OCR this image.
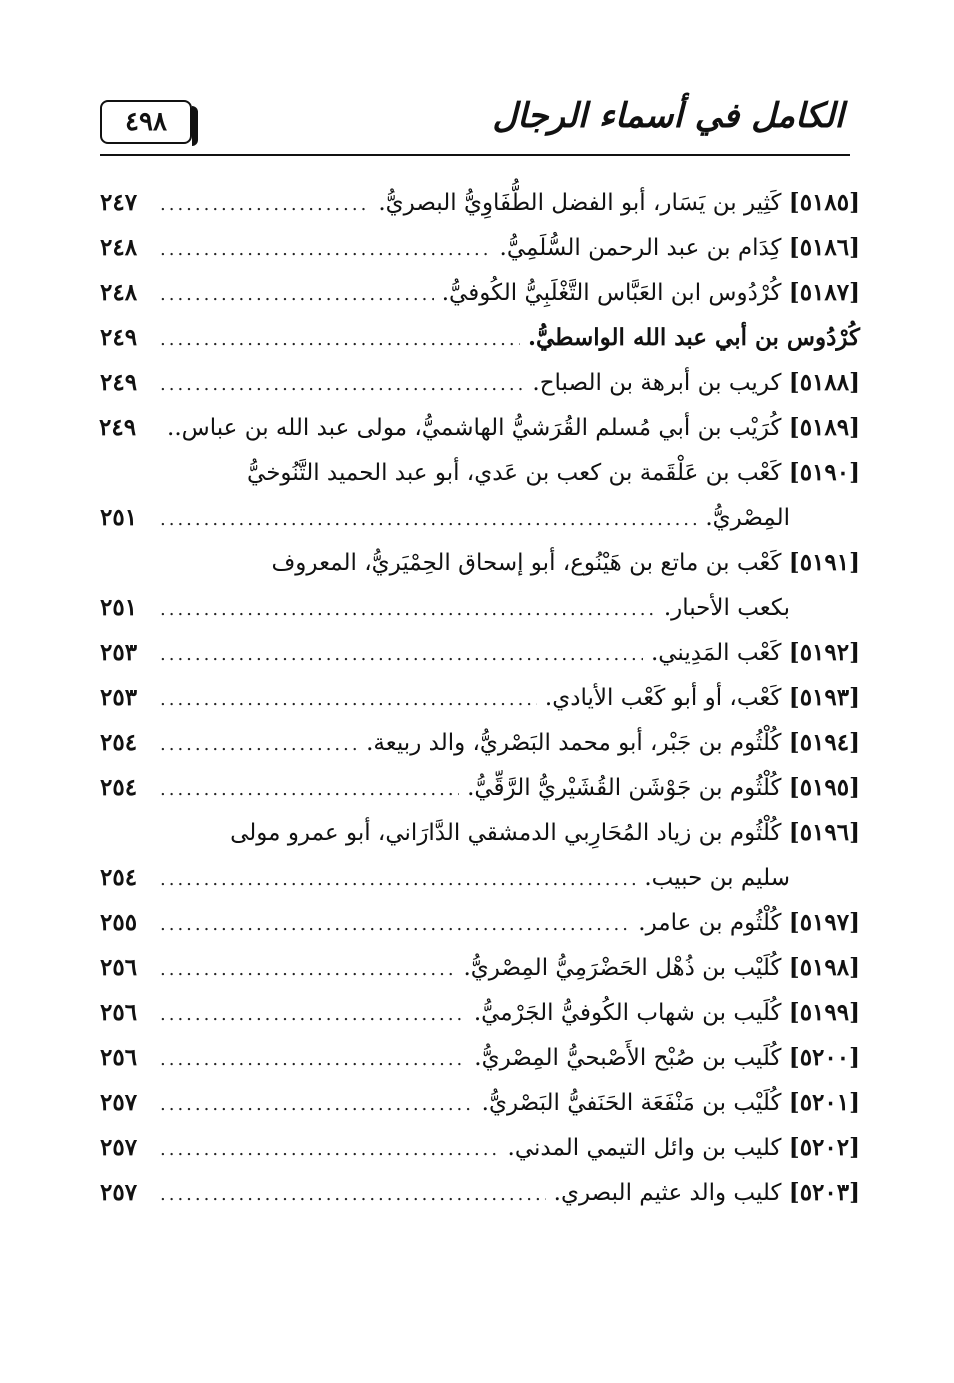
٤٩٨	الكامل في أسماء الرجال
[٥١٨٥] كَثِير بن يَسَار، أبو الفضل الطُّفَاوِيُّ البصريُّ.
.....
٢٤٧
[٥١٨٦] كِدَام بن عبد الرحمن السُّلَمِيُّ.
.....
٢٤٨
[٥١٨٧] كُرْدُوس ابن العَبَّاس التَّغْلَبِيُّ الكُوفيُّ.
.....
٢٤٨
كُرْدُوس بن أبي عبد الله الواسطيُّ.
.....
٢٤٩
[٥١٨٨] كريب بن أبرهة بن الصباح.
.....
٢٤٩
[٥١٨٩] كُرَيْب بن أبي مُسلم القُرَشيُّ الهاشميُّ، مولى عبد الله بن عباس..
٢٤٩
[٥١٩٠] كَعْب بن عَلْقَمة بن كعب بن عَدي، أبو عبد الحميد التَّنُوخيُّ
المِصْريُّ.
.....
٢٥١
[٥١٩١] كَعْب بن ماتع بن هَيْنُوع، أبو إسحاق الحِمْيَريُّ، المعروف
بكعب الأحبار.
.....
٢٥١
[٥١٩٢] كَعْب المَدِيني.
.....
٢٥٣
[٥١٩٣] كَعْب، أو أبو كَعْب الأيادي.
.....
٢٥٣
[٥١٩٤] كُلْثُوم بن جَبْر، أبو محمد البَصْريُّ، والد ربيعة.
.....
٢٥٤
[٥١٩٥] كُلْثُوم بن جَوْشَن القُشَيْريُّ الرَّقِّيُّ.
.....
٢٥٤
[٥١٩٦] كُلْثُوم بن زياد المُحَارِبي الدمشقي الدَّارَاني، أبو عمرو مولى
سليم بن حبيب.
.....
٢٥٤
[٥١٩٧] كُلْثُوم بن عامر.
.....
٢٥٥
[٥١٩٨] كُلَيْب بن ذُهْل الحَضْرَمِيُّ المِصْريُّ.
.....
٢٥٦
[٥١٩٩] كُلَيب بن شهاب الكُوفيُّ الجَرْميُّ.
.....
٢٥٦
[٥٢٠٠] كُلَيب بن صُبْح الأَصْبحيُّ المِصْريُّ.
.....
٢٥٦
[٥٢٠١] كُلَيْب بن مَنْفَعَة الحَنَفيُّ البَصْريُّ.
.....
٢٥٧
[٥٢٠٢] كليب بن وائل التيمي المدني.
.....
٢٥٧
[٥٢٠٣] كليب والد عثيم البصري.
.....
٢٥٧
